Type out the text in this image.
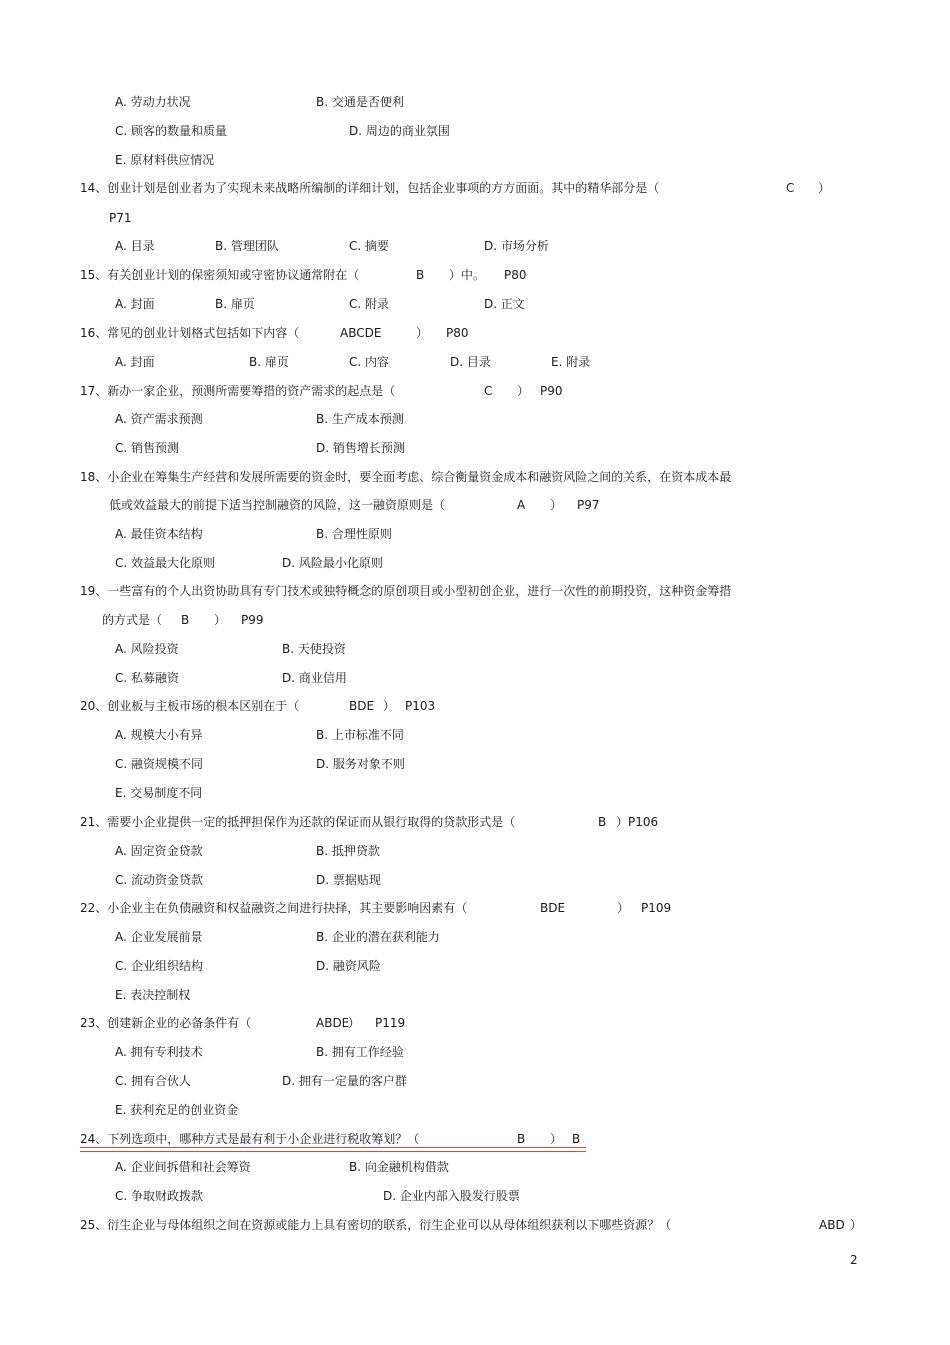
A. 劳动力状况	B. 交通是否便利
C. 顾客的数量和质量	D. 周边的商业氛围
E. 原材料供应情况
14、创业计划是创业者为了实现未来战略所编制的详细计划，包括企业事项的方方面面。其中的精华部分是（	C ）
P71
A. 目录	B. 管理团队	C. 摘要	D. 市场分析
15、有关创业计划的保密须知或守密协议通常附在（	B ）中。 P80
A. 封面	B. 扉页	C. 附录	D. 正文
16、常见的创业计划格式包括如下内容（	ABCDE	） P80
A. 封面	B. 扉页	C. 内容	D. 目录	E. 附录
17、新办一家企业，预测所需要筹措的资产需求的起点是（	C ） P90
A. 资产需求预测	B. 生产成本预测
C. 销售预测	D. 销售增长预测
18、小企业在筹集生产经营和发展所需要的资金时，要全面考虑、综合衡量资金成本和融资风险之间的关系，在资本成本最
低或效益最大的前提下适当控制融资的风险，这一融资原则是（	A ） P97
A. 最佳资本结构	B. 合理性原则
C. 效益最大化原则	D. 风险最小化原则
19、一些富有的个人出资协助具有专门技术或独特概念的原创项目或小型初创企业，进行一次性的前期投资，这种资金筹措
的方式是（ B ） P99
A. 风险投资	B. 天使投资
C. 私募融资	D. 商业信用
20、创业板与主板市场的根本区别在于（	BDE ） P103
A. 规模大小有异	B. 上市标准不同
C. 融资规模不同	D. 服务对象不则
E. 交易制度不同
21、需要小企业提供一定的抵押担保作为还款的保证而从银行取得的贷款形式是（	B ）P106
A. 固定资金贷款	B. 抵押贷款
C. 流动资金贷款	D. 票据贴现
22、小企业主在负债融资和权益融资之间进行抉择，其主要影响因素有（	BDE	） P109
A. 企业发展前景	B. 企业的潜在获利能力
C. 企业组织结构	D. 融资风险
E. 表决控制权
23、创建新企业的必备条件有（	ABDE
） P119
A. 拥有专利技术	B. 拥有工作经验
C. 拥有合伙人	D. 拥有一定量的客户群
E. 获利充足的创业资金
24、下列选项中，哪种方式是最有利于小企业进行税收筹划？（	B ） B
A. 企业间拆借和社会筹资	B. 向金融机构借款
C. 争取财政拨款	D. 企业内部入股发行股票
25、衍生企业与母体组织之间在资源或能力上具有密切的联系，衍生企业可以从母体组织获利以下哪些资源？（	ABD ）
2
